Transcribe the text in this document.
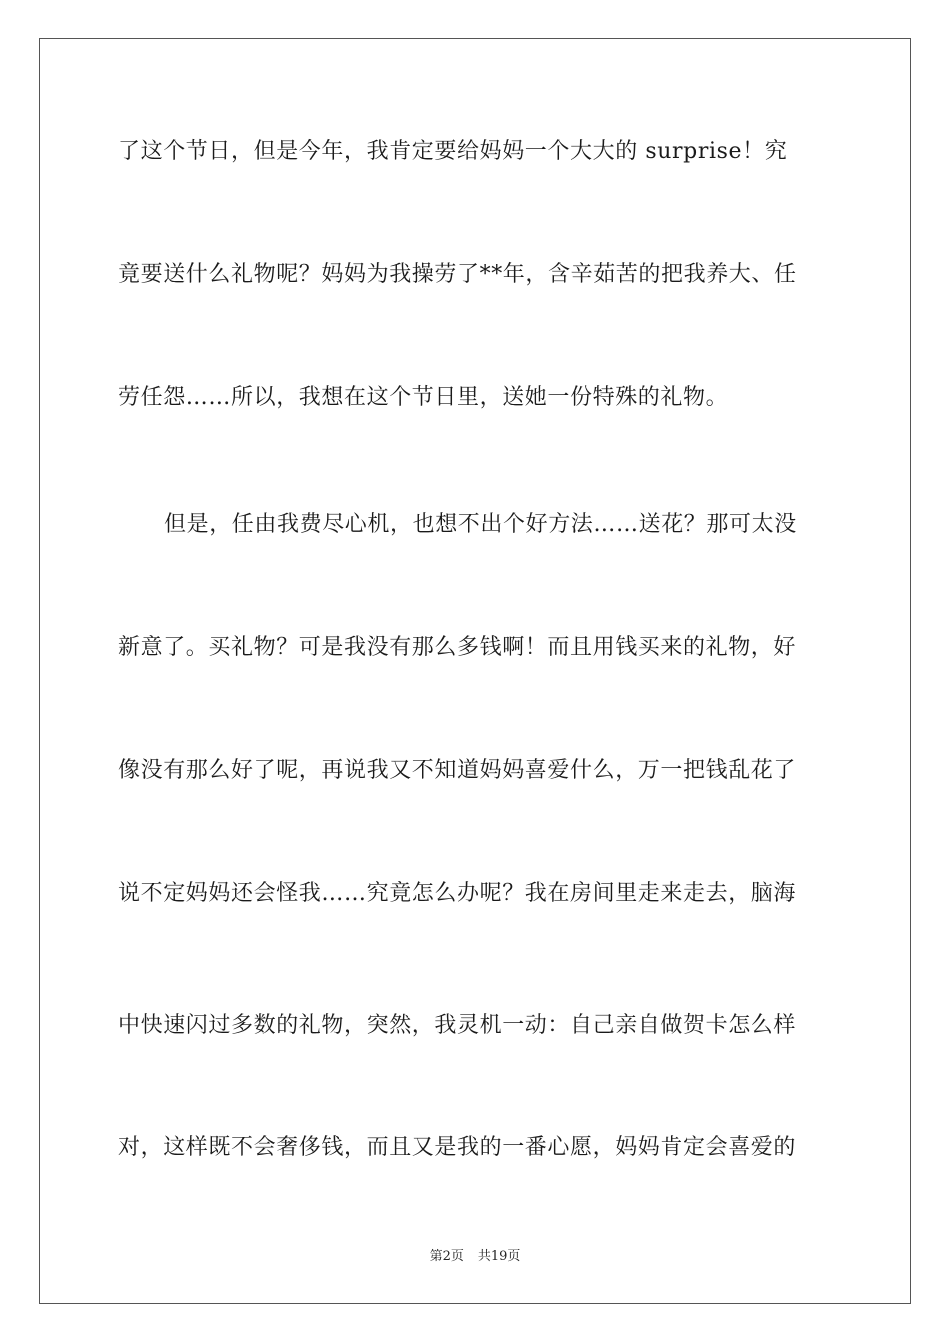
了这个节日，但是今年，我肯定要给妈妈一个大大的 surprise！究
竟要送什么礼物呢？妈妈为我操劳了**年，含辛茹苦的把我养大、任
劳任怨……所以，我想在这个节日里，送她一份特殊的礼物。
但是，任由我费尽心机，也想不出个好方法……送花？那可太没
新意了。买礼物？可是我没有那么多钱啊！而且用钱买来的礼物，好
像没有那么好了呢，再说我又不知道妈妈喜爱什么，万一把钱乱花了
说不定妈妈还会怪我……究竟怎么办呢？我在房间里走来走去，脑海
中快速闪过多数的礼物，突然，我灵机一动：自己亲自做贺卡怎么样
对，这样既不会奢侈钱，而且又是我的一番心愿，妈妈肯定会喜爱的
第2页 共19页
